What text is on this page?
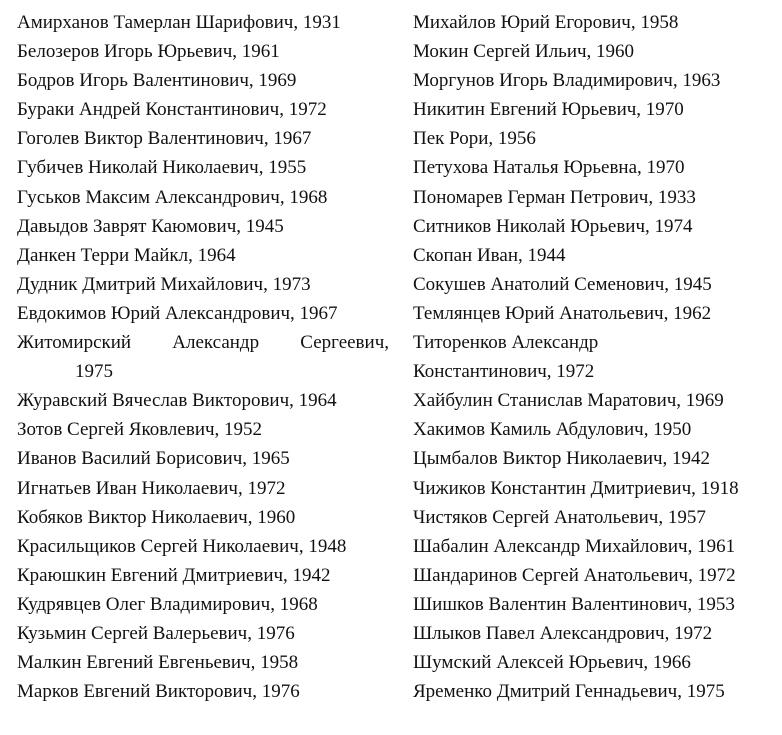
Амирханов Тамерлан Шарифович, 1931
Белозеров Игорь Юрьевич, 1961
Бодров Игорь Валентинович, 1969
Бураки Андрей Константинович, 1972
Гоголев Виктор Валентинович, 1967
Губичев Николай Николаевич, 1955
Гуськов Максим Александрович, 1968
Давыдов Заврят Каюмович, 1945
Данкен Терри Майкл, 1964
Дудник Дмитрий Михайлович, 1973
Евдокимов Юрий Александрович, 1967
Житомирский Александр Сергеевич,
1975
Журавский Вячеслав Викторович, 1964
Зотов Сергей Яковлевич, 1952
Иванов Василий Борисович, 1965
Игнатьев Иван Николаевич, 1972
Кобяков Виктор Николаевич, 1960
Красильщиков Сергей Николаевич, 1948
Краюшкин Евгений Дмитриевич, 1942
Кудрявцев Олег Владимирович, 1968
Кузьмин Сергей Валерьевич, 1976
Малкин Евгений Евгеньевич, 1958
Марков Евгений Викторович, 1976
Михайлов Юрий Егорович, 1958
Мокин Сергей Ильич, 1960
Моргунов Игорь Владимирович, 1963
Никитин Евгений Юрьевич, 1970
Пек Рори, 1956
Петухова Наталья Юрьевна, 1970
Пономарев Герман Петрович, 1933
Ситников Николай Юрьевич, 1974
Скопан Иван, 1944
Сокушев Анатолий Семенович, 1945
Темлянцев Юрий Анатольевич, 1962
Титоренков Александр
Константинович, 1972
Хайбулин Станислав Маратович, 1969
Хакимов Камиль Абдулович, 1950
Цымбалов Виктор Николаевич, 1942
Чижиков Константин Дмитриевич, 1918
Чистяков Сергей Анатольевич, 1957
Шабалин Александр Михайлович, 1961
Шандаринов Сергей Анатольевич, 1972
Шишков Валентин Валентинович, 1953
Шлыков Павел Александрович, 1972
Шумский Алексей Юрьевич, 1966
Яременко Дмитрий Геннадьевич, 1975
